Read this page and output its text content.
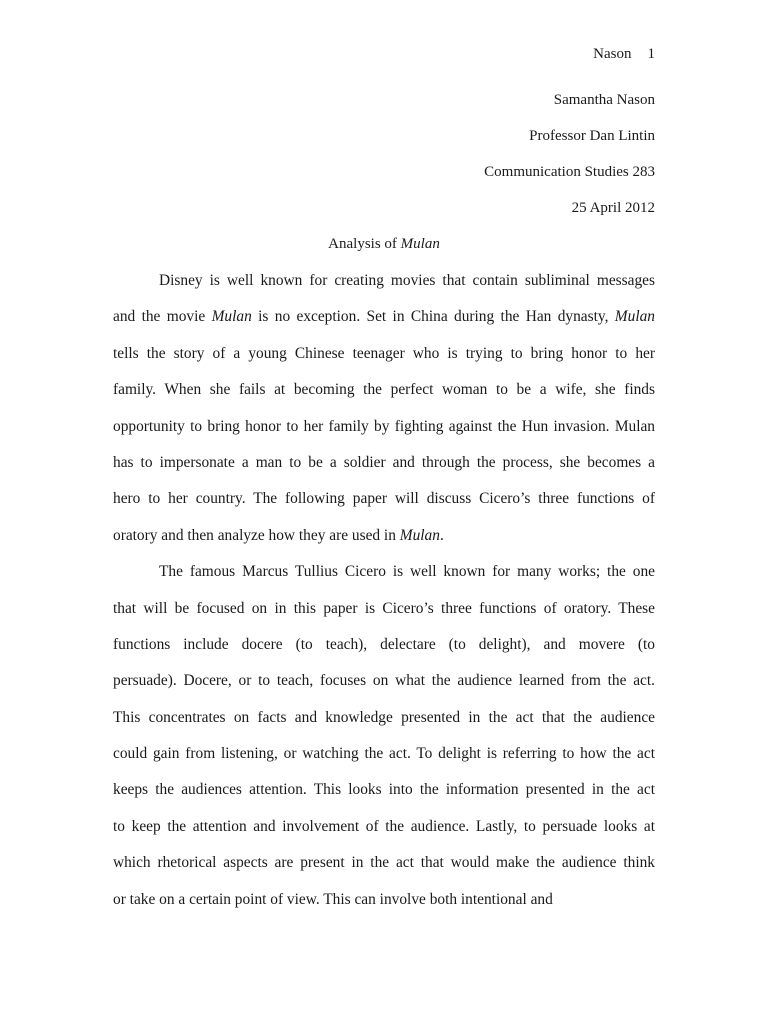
Nason 1
Samantha Nason
Professor Dan Lintin
Communication Studies 283
25 April 2012
Analysis of Mulan
Disney is well known for creating movies that contain subliminal messages
and the movie Mulan is no exception. Set in China during the Han dynasty, Mulan
tells the story of a young Chinese teenager who is trying to bring honor to her
family. When she fails at becoming the perfect woman to be a wife, she finds
opportunity to bring honor to her family by fighting against the Hun invasion. Mulan
has to impersonate a man to be a soldier and through the process, she becomes a
hero to her country. The following paper will discuss Cicero’s three functions of
oratory and then analyze how they are used in Mulan.
The famous Marcus Tullius Cicero is well known for many works; the one
that will be focused on in this paper is Cicero’s three functions of oratory. These
functions include docere (to teach), delectare (to delight), and movere (to
persuade). Docere, or to teach, focuses on what the audience learned from the act.
This concentrates on facts and knowledge presented in the act that the audience
could gain from listening, or watching the act. To delight is referring to how the act
keeps the audiences attention. This looks into the information presented in the act
to keep the attention and involvement of the audience. Lastly, to persuade looks at
which rhetorical aspects are present in the act that would make the audience think
or take on a certain point of view. This can involve both intentional and
